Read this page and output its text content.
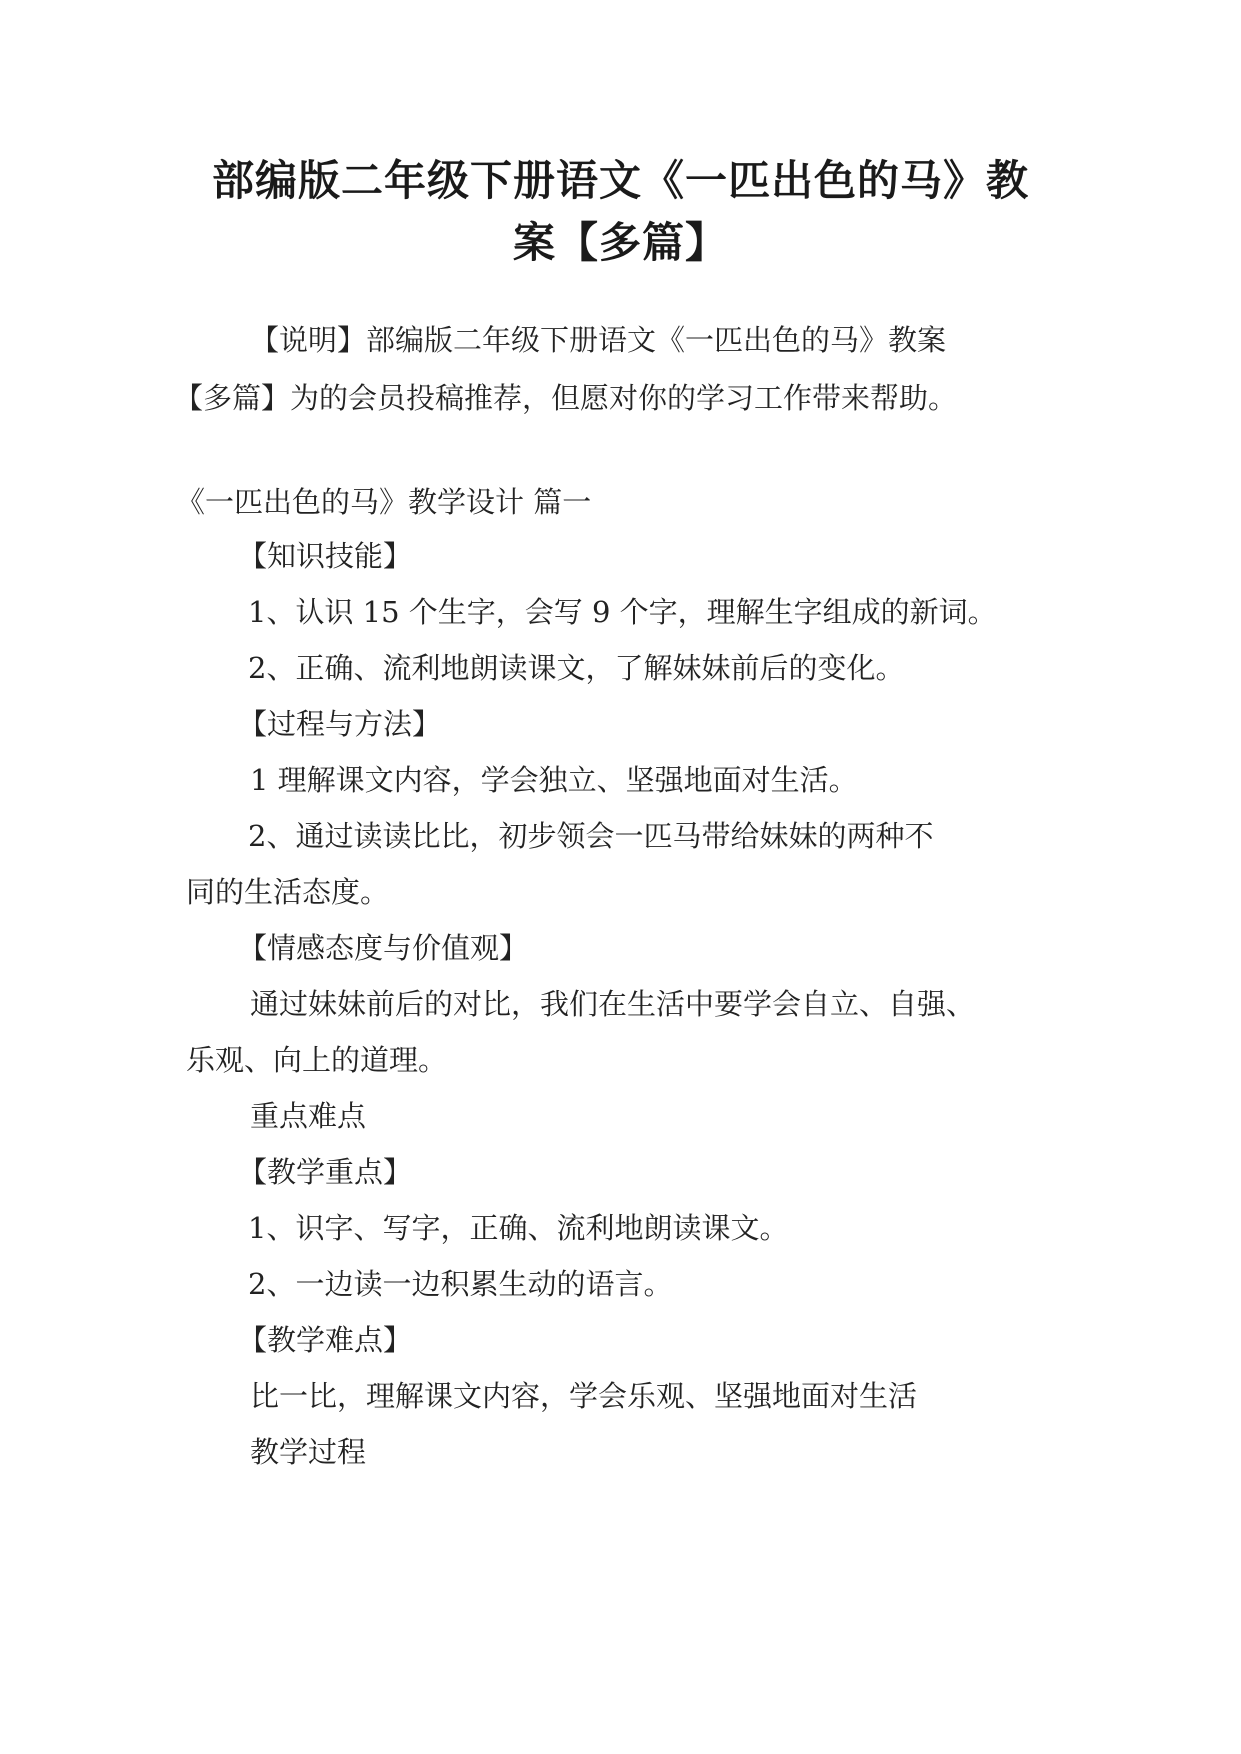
部编版二年级下册语文《一匹出色的马》教
案【多篇】
【说明】部编版二年级下册语文《一匹出色的马》教案
【多篇】为的会员投稿推荐，但愿对你的学习工作带来帮助。
《一匹出色的马》教学设计 篇一
【知识技能】
1、认识 15 个生字，会写 9 个字，理解生字组成的新词。
2、正确、流利地朗读课文，了解妹妹前后的变化。
【过程与方法】
1 理解课文内容，学会独立、坚强地面对生活。
2、通过读读比比，初步领会一匹马带给妹妹的两种不
同的生活态度。
【情感态度与价值观】
通过妹妹前后的对比，我们在生活中要学会自立、自强、
乐观、向上的道理。
重点难点
【教学重点】
1、识字、写字，正确、流利地朗读课文。
2、一边读一边积累生动的语言。
【教学难点】
比一比，理解课文内容，学会乐观、坚强地面对生活
教学过程
